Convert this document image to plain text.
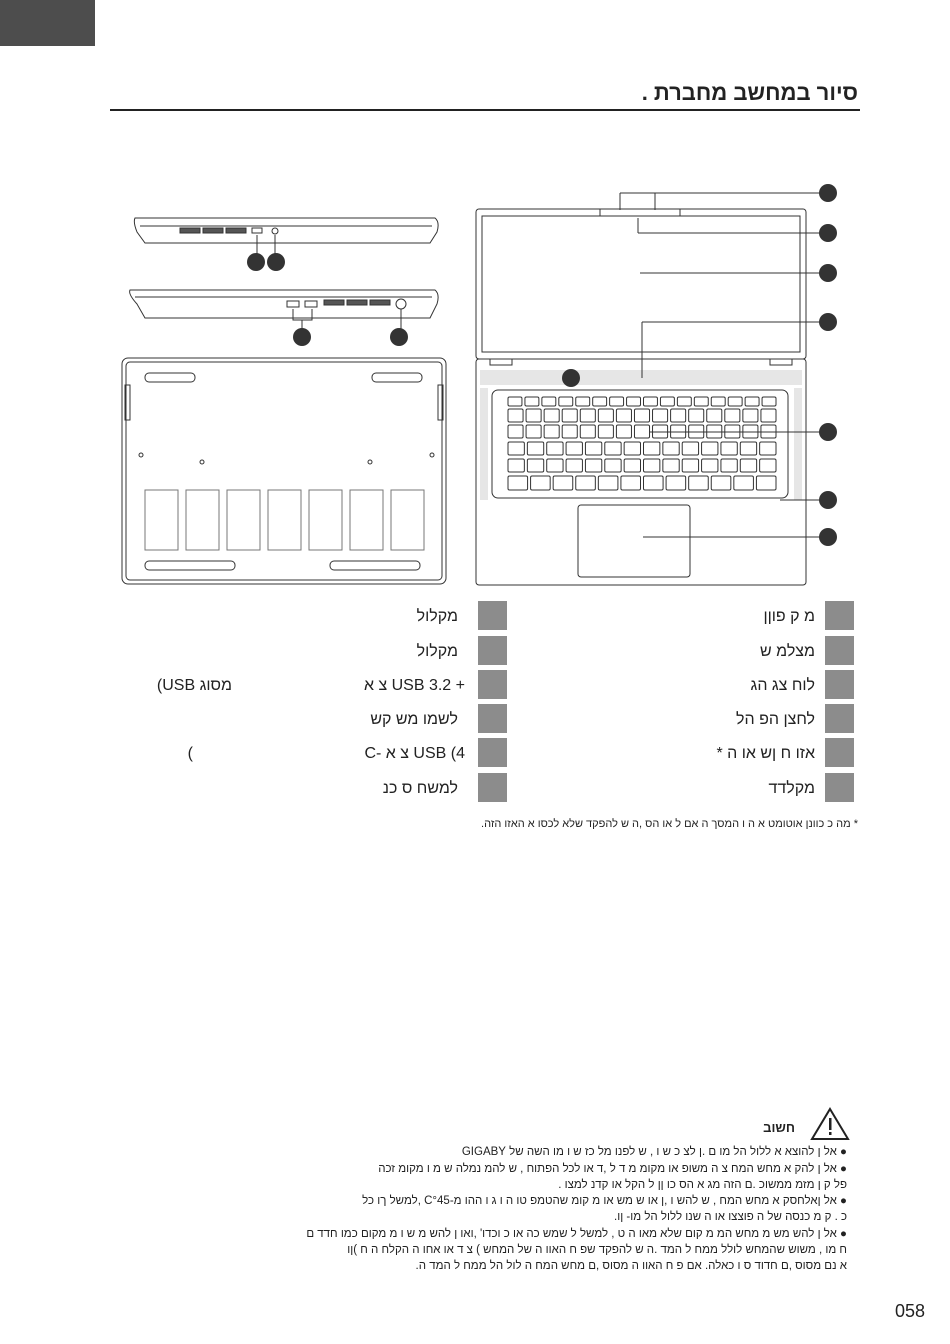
סיור במחשב מחברת .
מ ק פוןן
מצלמ ש
לוח צג הג
לחצן הפ הל
אזו ח ןש או ה *
מקלדד
מקלול
מקלול
צ א USB 3.2 +
(USB מסוג
לשמו מש קש
C- צ א USB (4
)
למשח ס כנ
* מה כ כוונן אוטומט א ה ו המסך ה אם ל או הס ,ה ש להפקד שלא לכסו א האזו הזה.
חשוב
● אל ן להוצא א ללול הל מו ם .ן לצ כ ש ו , ש לפנו מל כז ש ו מו השה של GIGABY
● אל ן להק א מחש המח צ ה משופ או מקומ מ ד ל ,ד או לכל הפתוח , ש להמ נמלה ש מ ו מקומ זכה
פל ק ן מזמ ממשוכ .ם הזה מג א הס כו ןן ל הקל או קדנ למצו .
● אל ןאלחסק א מחש המח , ש להש ו ,ן או ש מש או מ קומ שהטמפ טו ה ו ג ו ההו מ-C°45 ,למשל ךו כל
כ . ק מ כנסה של ה פוצצו או ה שנו ללול הל מו- ןו.
● אל ן להש מש מ מחש המ מ קום שלא מאו ה ט , למשל ל שמש כה או כ וכדו' ,ואו ן להש מ ש ו מ מקום כמו חדד ם
ח מו , משוש שהמחש לולל ממח ל המד .ה ש להפקד שפ ח האוו ה של המחש ) צ ד או אחו ה הקלח ה ח )ןו
א נם מסוס ,ם חדוד ס ו כאלה. אם פ ח האוו ה מסוס ,ם מחש המח ה לול הל ממח ל המד ה.
058
